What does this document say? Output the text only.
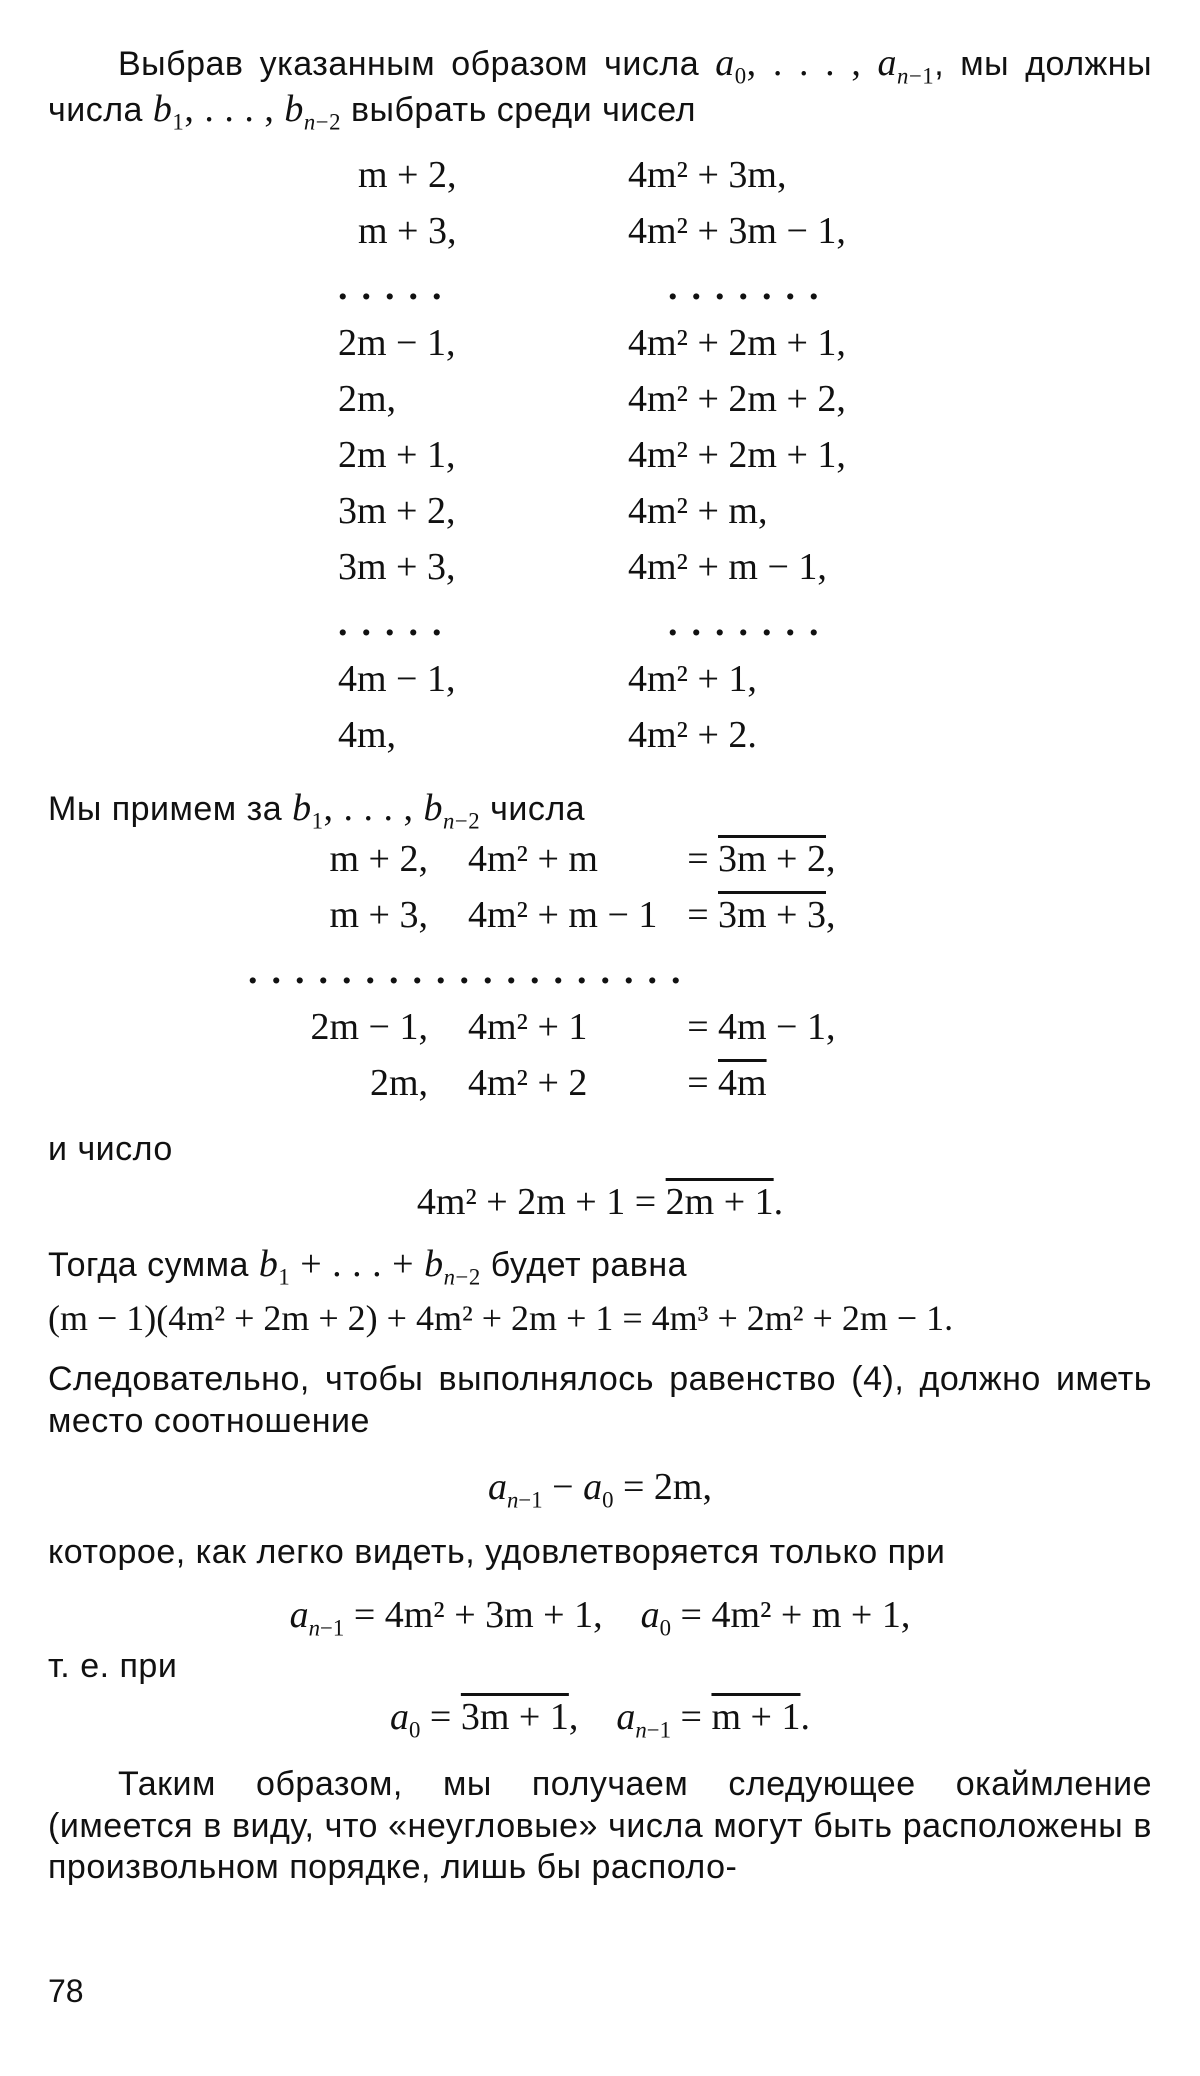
Выбрав указанным образом числа $a_0$, . . . , $a_{n-1}$, мы должны числа $b_1$, . . . , $b_{n-2}$ выбрать среди чисел
m + 2,	4m² + 3m,
m + 3,	4m² + 3m − 1,
.....	.......
2m − 1,	4m² + 2m + 1,
2m,	4m² + 2m + 2,
2m + 1,	4m² + 2m + 1,
3m + 2,	4m² + m,
3m + 3,	4m² + m − 1,
.....	.......
4m − 1,	4m² + 1,
4m,	4m² + 2.
Мы примем за $b_1$, . . . , $b_{n-2}$ числа
m + 2,	4m² + m	=	3m + 2,
m + 3,	4m² + m − 1	=	3m + 3,
...................			
2m − 1,	4m² + 1	=	4m − 1,
2m,	4m² + 2	=	4m
и число
4m² + 2m + 1 = 2m + 1.
Тогда сумма $b_1$ + . . . + $b_{n-2}$ будет равна
(m − 1)(4m² + 2m + 2) + 4m² + 2m + 1 = 4m³ + 2m² + 2m − 1.
Следовательно, чтобы выполнялось равенство (4), должно иметь место соотношение
$a_{n-1} - a_0 = 2m$,
которое, как легко видеть, удовлетворяется только при
$a_{n-1} = 4m^2 + 3m + 1$, $a_0 = 4m^2 + m + 1$,
т. е. при
$a_0 = 3m + 1$,    $a_{n-1} = m + 1$.
Таким образом, мы получаем следующее окаймление (имеется в виду, что «неугловые» числа могут быть расположены в произвольном порядке, лишь бы располо-
78
